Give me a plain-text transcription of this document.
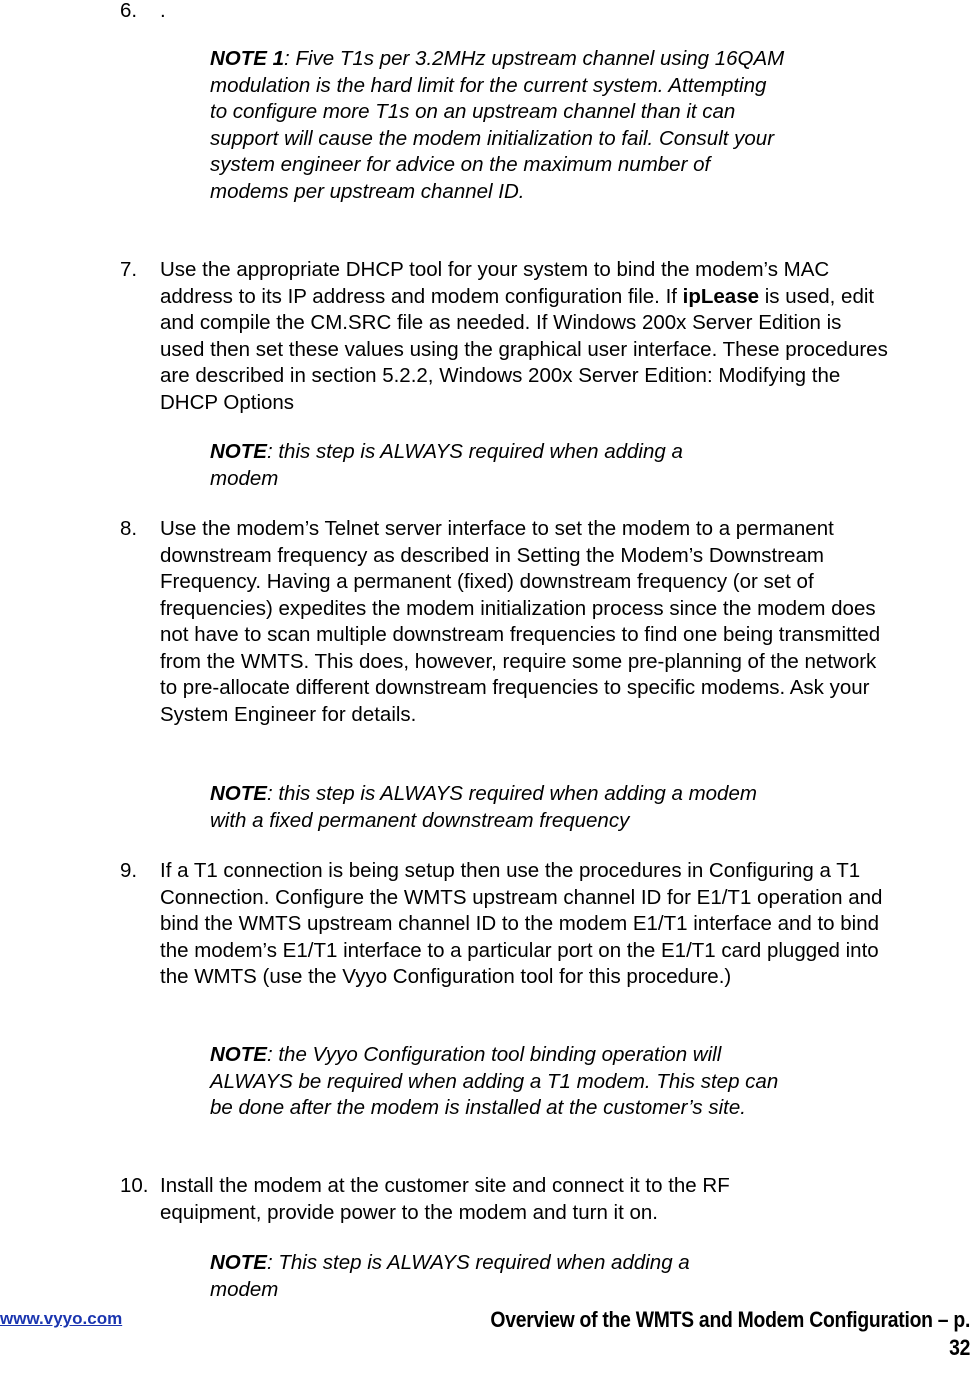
6. .
NOTE 1: Five T1s per 3.2MHz upstream channel using 16QAM modulation is the hard limit for the current system. Attempting to configure more T1s on an upstream channel than it can support will cause the modem initialization to fail. Consult your system engineer for advice on the maximum number of modems per upstream channel ID.
7. Use the appropriate DHCP tool for your system to bind the modem’s MAC address to its IP address and modem configuration file. If ipLease is used, edit and compile the CM.SRC file as needed. If Windows 200x Server Edition is used then set these values using the graphical user interface. These procedures are described in section 5.2.2, Windows 200x Server Edition: Modifying the DHCP Options
NOTE: this step is ALWAYS required when adding a modem
8. Use the modem’s Telnet server interface to set the modem to a permanent downstream frequency as described in Setting the Modem’s Downstream Frequency. Having a permanent (fixed) downstream frequency (or set of frequencies) expedites the modem initialization process since the modem does not have to scan multiple downstream frequencies to find one being transmitted from the WMTS. This does, however, require some pre-planning of the network to pre-allocate different downstream frequencies to specific modems. Ask your System Engineer for details.
NOTE: this step is ALWAYS required when adding a modem with a fixed permanent downstream frequency
9. If a T1 connection is being setup then use the procedures in Configuring a T1 Connection. Configure the WMTS upstream channel ID for E1/T1 operation and bind the WMTS upstream channel ID to the modem E1/T1 interface and to bind the modem’s E1/T1 interface to a particular port on the E1/T1 card plugged into the WMTS (use the Vyyo Configuration tool for this procedure.)
NOTE: the Vyyo Configuration tool binding operation will ALWAYS be required when adding a T1 modem. This step can be done after the modem is installed at the customer’s site.
10. Install the modem at the customer site and connect it to the RF equipment, provide power to the modem and turn it on.
NOTE: This step is ALWAYS required when adding a modem
www.vyyo.com	Overview of the WMTS and Modem Configuration – p.
32
